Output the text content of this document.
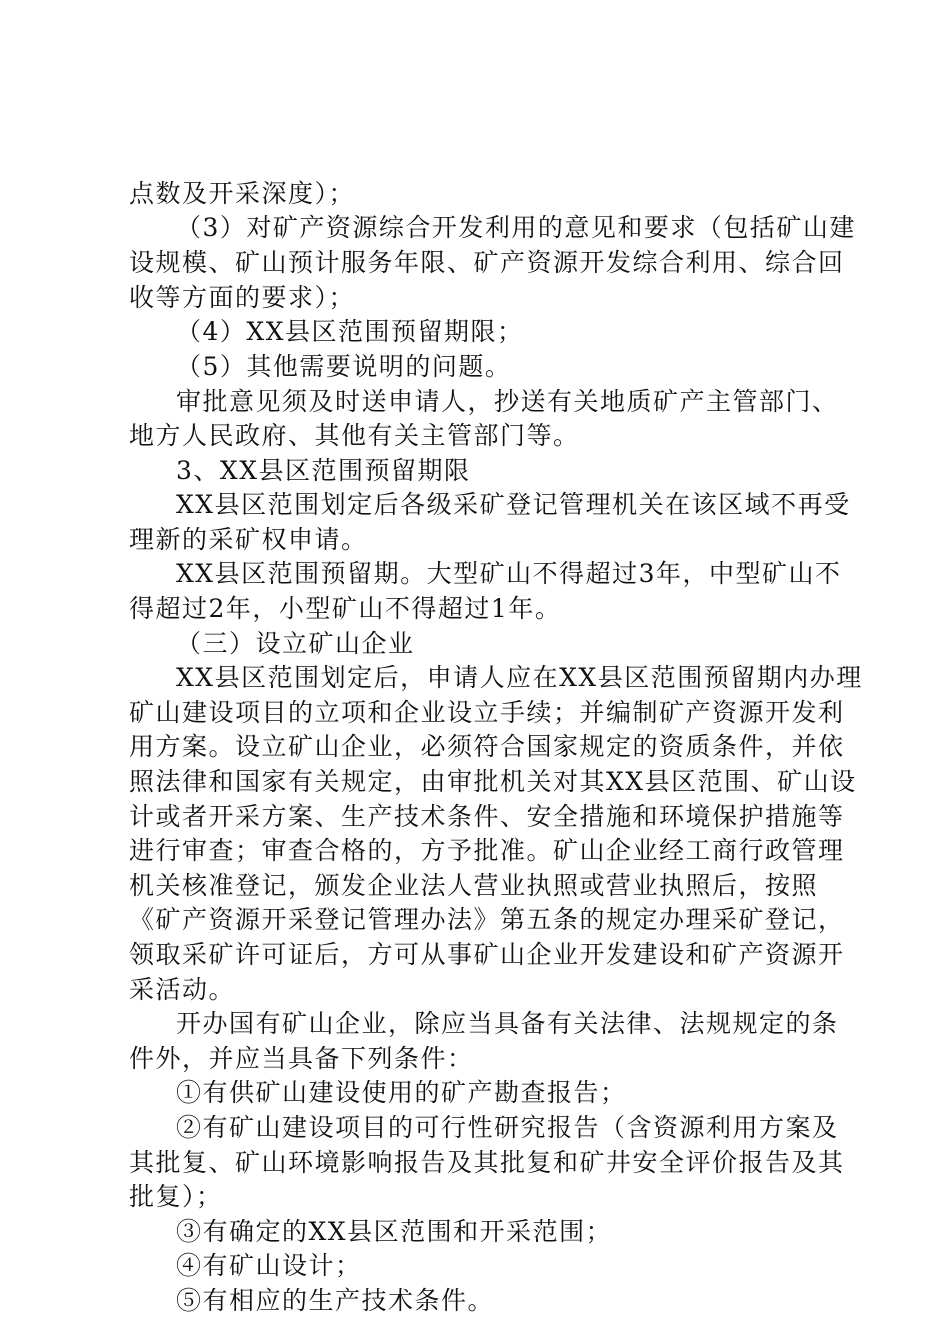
点数及开采深度）；
（3）对矿产资源综合开发利用的意见和要求（包括矿山建
设规模、矿山预计服务年限、矿产资源开发综合利用、综合回
收等方面的要求）；
（4）XX县区范围预留期限；
（5）其他需要说明的问题。
审批意见须及时送申请人，抄送有关地质矿产主管部门、
地方人民政府、其他有关主管部门等。
3、XX县区范围预留期限
XX县区范围划定后各级采矿登记管理机关在该区域不再受
理新的采矿权申请。
XX县区范围预留期。大型矿山不得超过3年，中型矿山不
得超过2年，小型矿山不得超过1年。
（三）设立矿山企业
XX县区范围划定后，申请人应在XX县区范围预留期内办理
矿山建设项目的立项和企业设立手续；并编制矿产资源开发利
用方案。设立矿山企业，必须符合国家规定的资质条件，并依
照法律和国家有关规定，由审批机关对其XX县区范围、矿山设
计或者开采方案、生产技术条件、安全措施和环境保护措施等
进行审查；审查合格的，方予批准。矿山企业经工商行政管理
机关核准登记，颁发企业法人营业执照或营业执照后，按照
《矿产资源开采登记管理办法》第五条的规定办理采矿登记，
领取采矿许可证后，方可从事矿山企业开发建设和矿产资源开
采活动。
开办国有矿山企业，除应当具备有关法律、法规规定的条
件外，并应当具备下列条件：
①有供矿山建设使用的矿产勘查报告；
②有矿山建设项目的可行性研究报告（含资源利用方案及
其批复、矿山环境影响报告及其批复和矿井安全评价报告及其
批复）；
③有确定的XX县区范围和开采范围；
④有矿山设计；
⑤有相应的生产技术条件。
